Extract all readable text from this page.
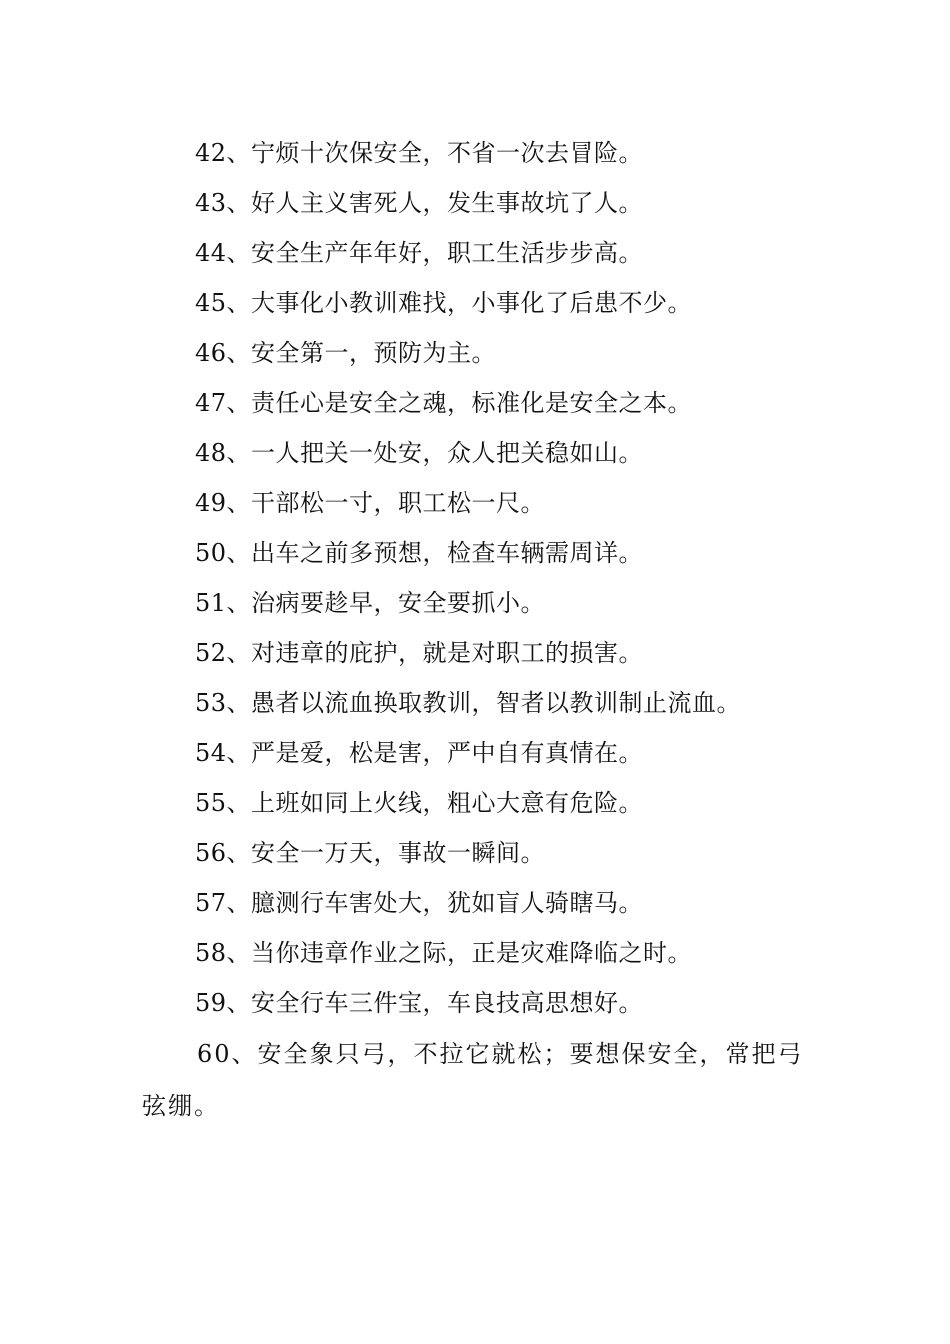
42、宁烦十次保安全，不省一次去冒险。
43、好人主义害死人，发生事故坑了人。
44、安全生产年年好，职工生活步步高。
45、大事化小教训难找，小事化了后患不少。
46、安全第一，预防为主。
47、责任心是安全之魂，标准化是安全之本。
48、一人把关一处安，众人把关稳如山。
49、干部松一寸，职工松一尺。
50、出车之前多预想，检查车辆需周详。
51、治病要趁早，安全要抓小。
52、对违章的庇护，就是对职工的损害。
53、愚者以流血换取教训，智者以教训制止流血。
54、严是爱，松是害，严中自有真情在。
55、上班如同上火线，粗心大意有危险。
56、安全一万天，事故一瞬间。
57、臆测行车害处大，犹如盲人骑瞎马。
58、当你违章作业之际，正是灾难降临之时。
59、安全行车三件宝，车良技高思想好。
60、安全象只弓，不拉它就松；要想保安全，常把弓弦绷。
